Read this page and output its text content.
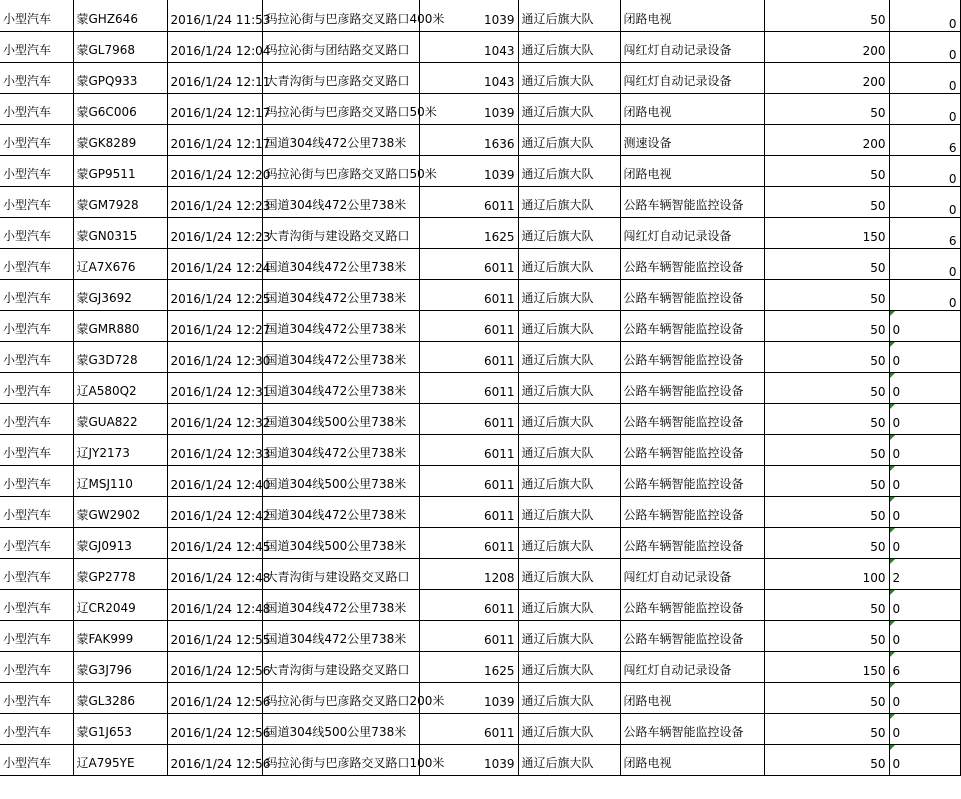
小型汽车	蒙GHZ646	2016/1/24 11:53	玛拉沁街与巴彦路交叉路口400米	1039	通辽后旗大队	闭路电视	50	0
小型汽车	蒙GL7968	2016/1/24 12:04	玛拉沁街与团结路交叉路口	1043	通辽后旗大队	闯红灯自动记录设备	200	0
小型汽车	蒙GPQ933	2016/1/24 12:11	大青沟街与巴彦路交叉路口	1043	通辽后旗大队	闯红灯自动记录设备	200	0
小型汽车	蒙G6C006	2016/1/24 12:17	玛拉沁街与巴彦路交叉路口50米	1039	通辽后旗大队	闭路电视	50	0
小型汽车	蒙GK8289	2016/1/24 12:17	国道304线472公里738米	1636	通辽后旗大队	测速设备	200	6
小型汽车	蒙GP9511	2016/1/24 12:20	玛拉沁街与巴彦路交叉路口50米	1039	通辽后旗大队	闭路电视	50	0
小型汽车	蒙GM7928	2016/1/24 12:23	国道304线472公里738米	6011	通辽后旗大队	公路车辆智能监控设备	50	0
小型汽车	蒙GN0315	2016/1/24 12:23	大青沟街与建设路交叉路口	1625	通辽后旗大队	闯红灯自动记录设备	150	6
小型汽车	辽A7X676	2016/1/24 12:24	国道304线472公里738米	6011	通辽后旗大队	公路车辆智能监控设备	50	0
小型汽车	蒙GJ3692	2016/1/24 12:25	国道304线472公里738米	6011	通辽后旗大队	公路车辆智能监控设备	50	0
小型汽车	蒙GMR880	2016/1/24 12:27	国道304线472公里738米	6011	通辽后旗大队	公路车辆智能监控设备	50	0
小型汽车	蒙G3D728	2016/1/24 12:30	国道304线472公里738米	6011	通辽后旗大队	公路车辆智能监控设备	50	0
小型汽车	辽A580Q2	2016/1/24 12:31	国道304线472公里738米	6011	通辽后旗大队	公路车辆智能监控设备	50	0
小型汽车	蒙GUA822	2016/1/24 12:32	国道304线500公里738米	6011	通辽后旗大队	公路车辆智能监控设备	50	0
小型汽车	辽JY2173	2016/1/24 12:33	国道304线472公里738米	6011	通辽后旗大队	公路车辆智能监控设备	50	0
小型汽车	辽MSJ110	2016/1/24 12:40	国道304线500公里738米	6011	通辽后旗大队	公路车辆智能监控设备	50	0
小型汽车	蒙GW2902	2016/1/24 12:42	国道304线472公里738米	6011	通辽后旗大队	公路车辆智能监控设备	50	0
小型汽车	蒙GJ0913	2016/1/24 12:45	国道304线500公里738米	6011	通辽后旗大队	公路车辆智能监控设备	50	0
小型汽车	蒙GP2778	2016/1/24 12:48	大青沟街与建设路交叉路口	1208	通辽后旗大队	闯红灯自动记录设备	100	2
小型汽车	辽CR2049	2016/1/24 12:48	国道304线472公里738米	6011	通辽后旗大队	公路车辆智能监控设备	50	0
小型汽车	蒙FAK999	2016/1/24 12:55	国道304线472公里738米	6011	通辽后旗大队	公路车辆智能监控设备	50	0
小型汽车	蒙G3J796	2016/1/24 12:56	大青沟街与建设路交叉路口	1625	通辽后旗大队	闯红灯自动记录设备	150	6
小型汽车	蒙GL3286	2016/1/24 12:56	玛拉沁街与巴彦路交叉路口200米	1039	通辽后旗大队	闭路电视	50	0
小型汽车	蒙G1J653	2016/1/24 12:56	国道304线500公里738米	6011	通辽后旗大队	公路车辆智能监控设备	50	0
小型汽车	辽A795YE	2016/1/24 12:56	玛拉沁街与巴彦路交叉路口100米	1039	通辽后旗大队	闭路电视	50	0
